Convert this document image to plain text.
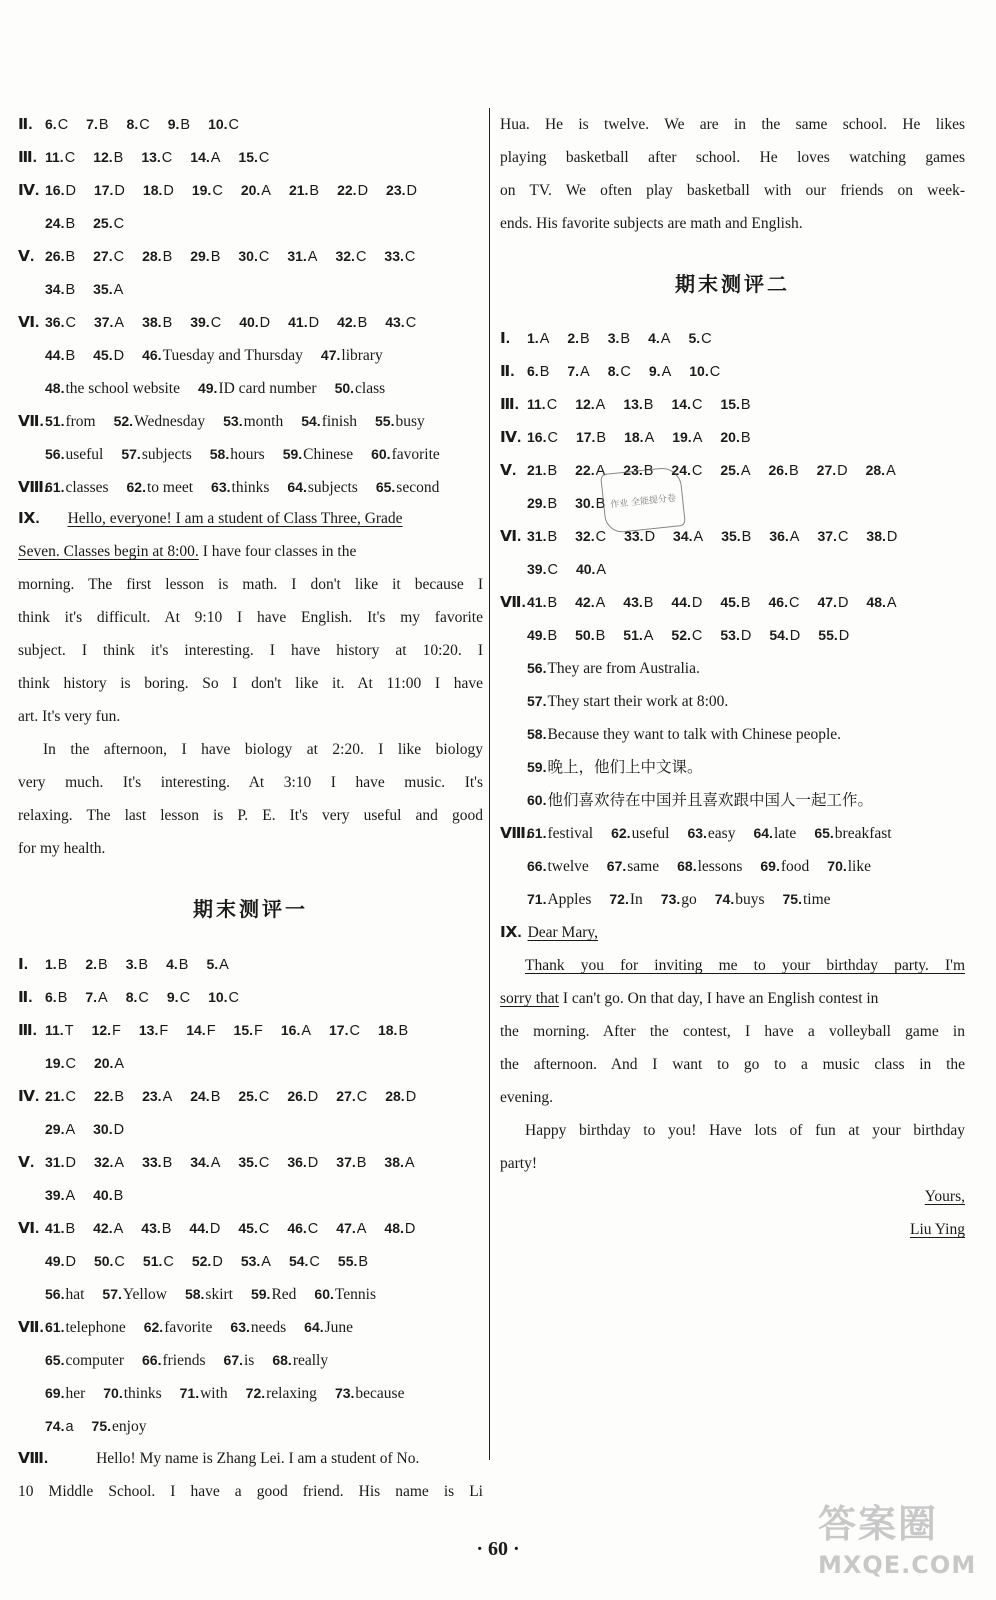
Ⅱ. 6.C 7.B 8.C 9.B 10.C
Ⅲ. 11.C 12.B 13.C 14.A 15.C
Ⅳ. 16.D 17.D 18.D 19.C 20.A 21.B 22.D 23.D
24.B 25.C
Ⅴ. 26.B 27.C 28.B 29.B 30.C 31.A 32.C 33.C
34.B 35.A
Ⅵ. 36.C 37.A 38.B 39.C 40.D 41.D 42.B 43.C
44.B 45.D 46.Tuesday and Thursday 47.library
48.the school website 49.ID card number 50.class
Ⅶ.51.from 52.Wednesday 53.month 54.finish 55.busy
56.useful 57.subjects 58.hours 59.Chinese 60.favorite
Ⅷ.61.classes 62.to meet 63.thinks 64.subjects 65.second
Ⅸ. Hello, everyone! I am a student of Class Three, Grade
Seven. Classes begin at 8:00. I have four classes in the
morning. The first lesson is math. I don't like it because I
think it's difficult. At 9:10 I have English. It's my favorite
subject. I think it's interesting. I have history at 10:20. I
think history is boring. So I don't like it. At 11:00 I have
art. It's very fun.
In the afternoon, I have biology at 2:20. I like biology
very much. It's interesting. At 3:10 I have music. It's
relaxing. The last lesson is P. E. It's very useful and good
for my health.
期末测评一
Ⅰ. 1.B 2.B 3.B 4.B 5.A
Ⅱ. 6.B 7.A 8.C 9.C 10.C
Ⅲ. 11.T 12.F 13.F 14.F 15.F 16.A 17.C 18.B
19.C 20.A
Ⅳ. 21.C 22.B 23.A 24.B 25.C 26.D 27.C 28.D
29.A 30.D
Ⅴ. 31.D 32.A 33.B 34.A 35.C 36.D 37.B 38.A
39.A 40.B
Ⅵ. 41.B 42.A 43.B 44.D 45.C 46.C 47.A 48.D
49.D 50.C 51.C 52.D 53.A 54.C 55.B
56.hat 57.Yellow 58.skirt 59.Red 60.Tennis
Ⅶ.61.telephone 62.favorite 63.needs 64.June
65.computer 66.friends 67.is 68.really
69.her 70.thinks 71.with 72.relaxing 73.because
74.a 75.enjoy
Ⅷ.	Hello! My name is Zhang Lei. I am a student of No.
10 Middle School. I have a good friend. His name is Li
Hua. He is twelve. We are in the same school. He likes
playing basketball after school. He loves watching games
on TV. We often play basketball with our friends on week-
ends. His favorite subjects are math and English.
期末测评二
Ⅰ. 1.A 2.B 3.B 4.A 5.C
Ⅱ. 6.B 7.A 8.C 9.A 10.C
Ⅲ. 11.C 12.A 13.B 14.C 15.B
Ⅳ. 16.C 17.B 18.A 19.A 20.B
Ⅴ. 21.B 22.A 23.B 24.C 25.A 26.B 27.D 28.A
29.B 30.B
Ⅵ. 31.B 32.C 33.D 34.A 35.B 36.A 37.C 38.D
39.C 40.A
Ⅶ.41.B 42.A 43.B 44.D 45.B 46.C 47.D 48.A
49.B 50.B 51.A 52.C 53.D 54.D 55.D
56.They are from Australia.
57.They start their work at 8:00.
58.Because they want to talk with Chinese people.
59.晚上，他们上中文课。
60.他们喜欢待在中国并且喜欢跟中国人一起工作。
Ⅷ.61.festival 62.useful 63.easy 64.late 65.breakfast
66.twelve 67.same 68.lessons 69.food 70.like
71.Apples 72.In 73.go 74.buys 75.time
Ⅸ. Dear Mary,
Thank you for inviting me to your birthday party. I'm
sorry that I can't go. On that day, I have an English contest in
the morning. After the contest, I have a volleyball game in
the afternoon. And I want to go to a music class in the
evening.
Happy birthday to you! Have lots of fun at your birthday
party!
Yours,
Liu Ying
作业 全能提分卷
· 60 ·
答案圈
MXQE.COM
